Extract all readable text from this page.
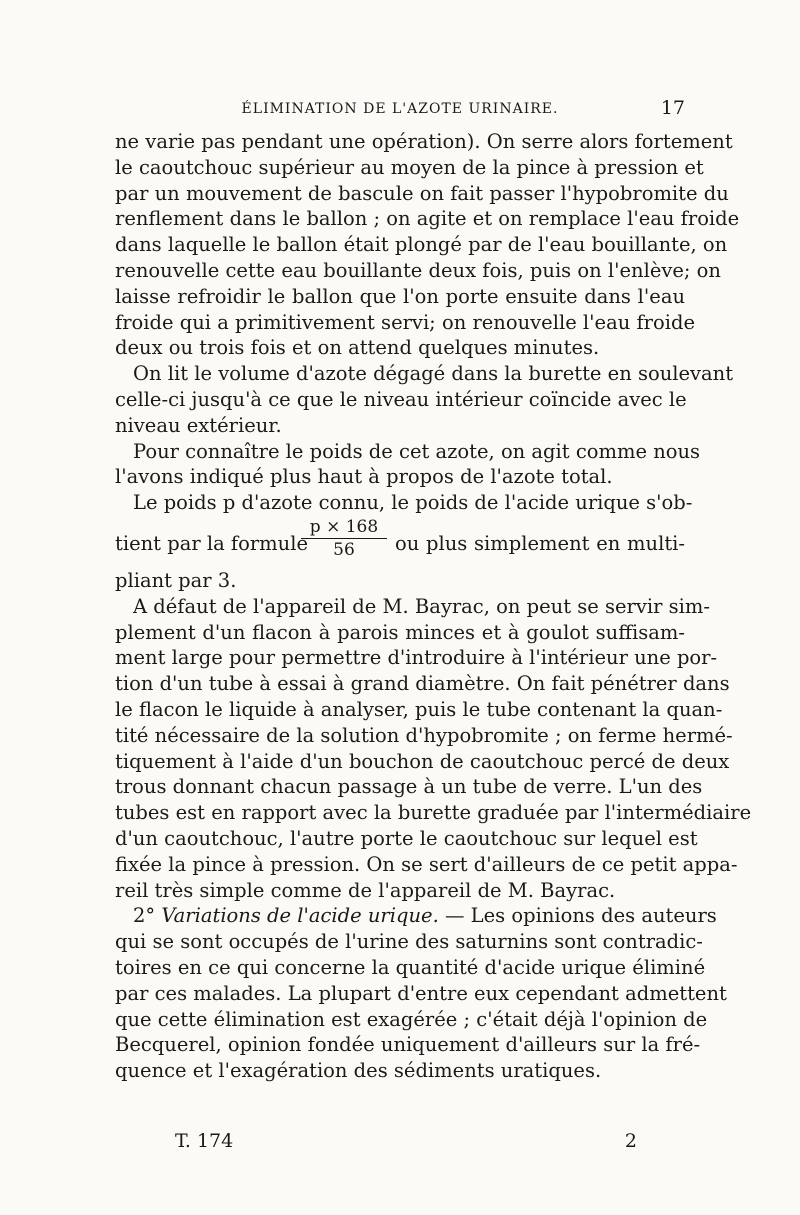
ÉLIMINATION DE L'AZOTE URINAIRE.	17
ne varie pas pendant une opération). On serre alors fortement
le caoutchouc supérieur au moyen de la pince à pression et
par un mouvement de bascule on fait passer l'hypobromite du
renflement dans le ballon ; on agite et on remplace l'eau froide
dans laquelle le ballon était plongé par de l'eau bouillante, on
renouvelle cette eau bouillante deux fois, puis on l'enlève; on
laisse refroidir le ballon que l'on porte ensuite dans l'eau
froide qui a primitivement servi; on renouvelle l'eau froide
deux ou trois fois et on attend quelques minutes.
On lit le volume d'azote dégagé dans la burette en soulevant
celle-ci jusqu'à ce que le niveau intérieur coïncide avec le
niveau extérieur.
Pour connaître le poids de cet azote, on agit comme nous
l'avons indiqué plus haut à propos de l'azote total.
Le poids p d'azote connu, le poids de l'acide urique s'ob-
tient par la formule
$\frac{p \times 168}{56}$ ou plus simplement en multi-
pliant par 3.
A défaut de l'appareil de M. Bayrac, on peut se servir sim-
plement d'un flacon à parois minces et à goulot suffisam-
ment large pour permettre d'introduire à l'intérieur une por-
tion d'un tube à essai à grand diamètre. On fait pénétrer dans
le flacon le liquide à analyser, puis le tube contenant la quan-
tité nécessaire de la solution d'hypobromite ; on ferme hermé-
tiquement à l'aide d'un bouchon de caoutchouc percé de deux
trous donnant chacun passage à un tube de verre. L'un des
tubes est en rapport avec la burette graduée par l'intermédiaire
d'un caoutchouc, l'autre porte le caoutchouc sur lequel est
fixée la pince à pression. On se sert d'ailleurs de ce petit appa-
reil très simple comme de l'appareil de M. Bayrac.
2° Variations de l'acide urique. — Les opinions des auteurs
qui se sont occupés de l'urine des saturnins sont contradic-
toires en ce qui concerne la quantité d'acide urique éliminé
par ces malades. La plupart d'entre eux cependant admettent
que cette élimination est exagérée ; c'était déjà l'opinion de
Becquerel, opinion fondée uniquement d'ailleurs sur la fré-
quence et l'exagération des sédiments uratiques.
T. 174	2
